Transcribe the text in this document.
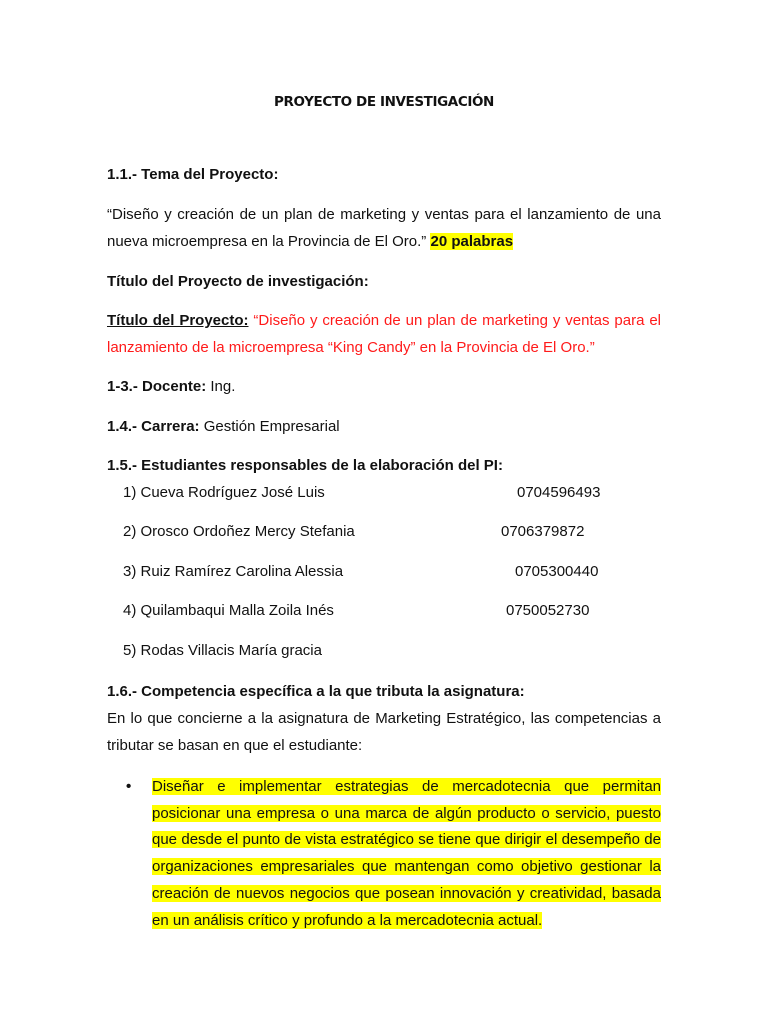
PROYECTO DE INVESTIGACIÓN

1.1.- Tema del Proyecto:

“Diseño y creación de un plan de marketing y ventas para el lanzamiento de una nueva microempresa en la Provincia de El Oro.” 20 palabras

Título del Proyecto de investigación:

Título del Proyecto: “Diseño y creación de un plan de marketing y ventas para el lanzamiento de la microempresa “King Candy” en la Provincia de El Oro.”

1-3.- Docente: Ing.

1.4.- Carrera: Gestión Empresarial

1.5.- Estudiantes responsables de la elaboración del PI:

1) Cueva Rodríguez José Luis	0704596493
2) Orosco Ordoñez Mercy Stefania	0706379872
3) Ruiz Ramírez Carolina Alessia	0705300440
4) Quilambaqui Malla Zoila Inés	0750052730
5) Rodas Villacis María gracia

1.6.- Competencia específica a la que tributa la asignatura:

En lo que concierne a la asignatura de Marketing Estratégico, las competencias a tributar se basan en que el estudiante:

• Diseñar e implementar estrategias de mercadotecnia que permitan posicionar una empresa o una marca de algún producto o servicio, puesto que desde el punto de vista estratégico se tiene que dirigir el desempeño de organizaciones empresariales que mantengan como objetivo gestionar la creación de nuevos negocios que posean innovación y creatividad, basada en un análisis crítico y profundo a la mercadotecnia actual.
